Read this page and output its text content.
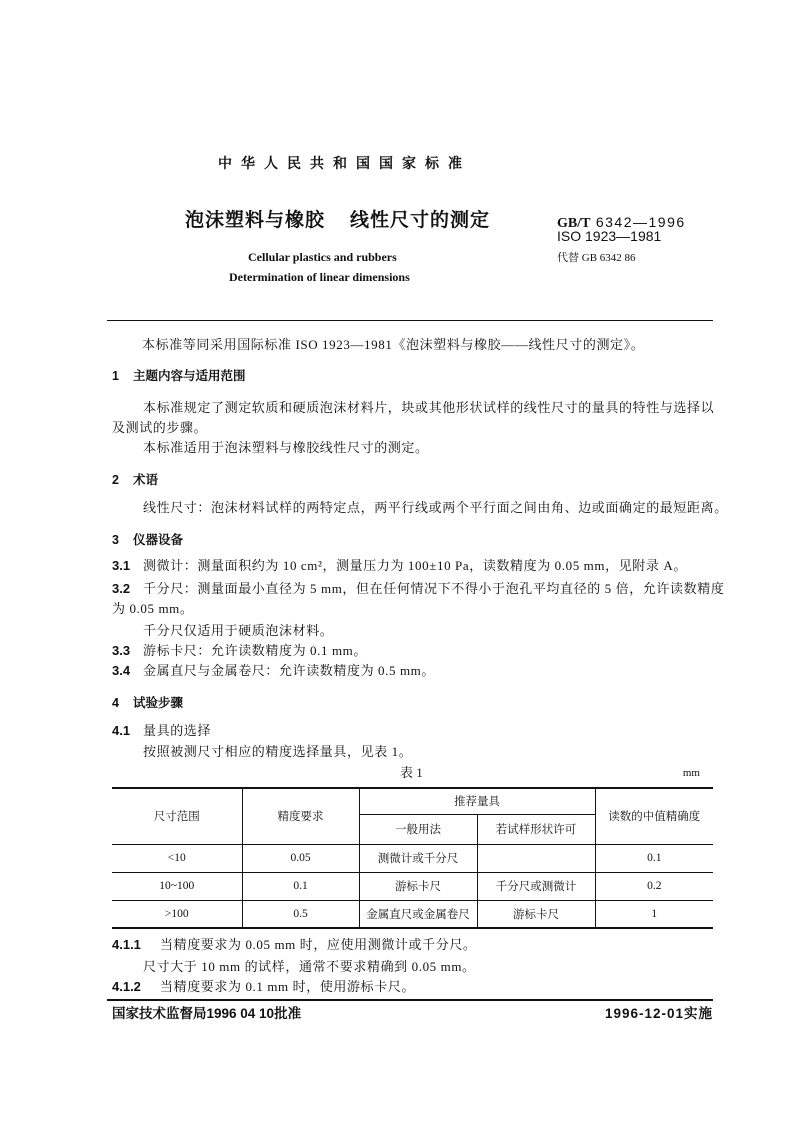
中华人民共和国国家标准
泡沫塑料与橡胶 线性尺寸的测定	GB/T 6342—1996
ISO 1923—1981
代替 GB 6342 86
Cellular plastics and rubbers
Determination of linear dimensions
本标准等同采用国际标准 ISO 1923—1981《泡沫塑料与橡胶——线性尺寸的测定》。
1 主题内容与适用范围
本标准规定了测定软质和硬质泡沫材料片，块或其他形状试样的线性尺寸的量具的特性与选择以
及测试的步骤。
本标准适用于泡沫塑料与橡胶线性尺寸的测定。
2 术语
线性尺寸：泡沫材料试样的两特定点，两平行线或两个平行面之间由角、边或面确定的最短距离。
3 仪器设备
3.1 测微计：测量面积约为 10 cm²，测量压力为 100±10 Pa，读数精度为 0.05 mm，见附录 A。
3.2 千分尺：测量面最小直径为 5 mm，但在任何情况下不得小于泡孔平均直径的 5 倍，允许读数精度
为 0.05 mm。
千分尺仅适用于硬质泡沫材料。
3.3 游标卡尺：允许读数精度为 0.1 mm。
3.4 金属直尺与金属卷尺：允许读数精度为 0.5 mm。
4 试验步骤
4.1 量具的选择
按照被测尺寸相应的精度选择量具，见表 1。
表 1	mm
尺寸范围	精度要求	推荐量具		读数的中值精确度
		一般用法	若试样形状许可	
<10	0.05	测微计或千分尺		0.1
10~100	0.1	游标卡尺	千分尺或测微计	0.2
>100	0.5	金属直尺或金属卷尺	游标卡尺	1
4.1.1 当精度要求为 0.05 mm 时，应使用测微计或千分尺。
尺寸大于 10 mm 的试样，通常不要求精确到 0.05 mm。
4.1.2 当精度要求为 0.1 mm 时，使用游标卡尺。
国家技术监督局1996 04 10批准	1996-12-01实施
